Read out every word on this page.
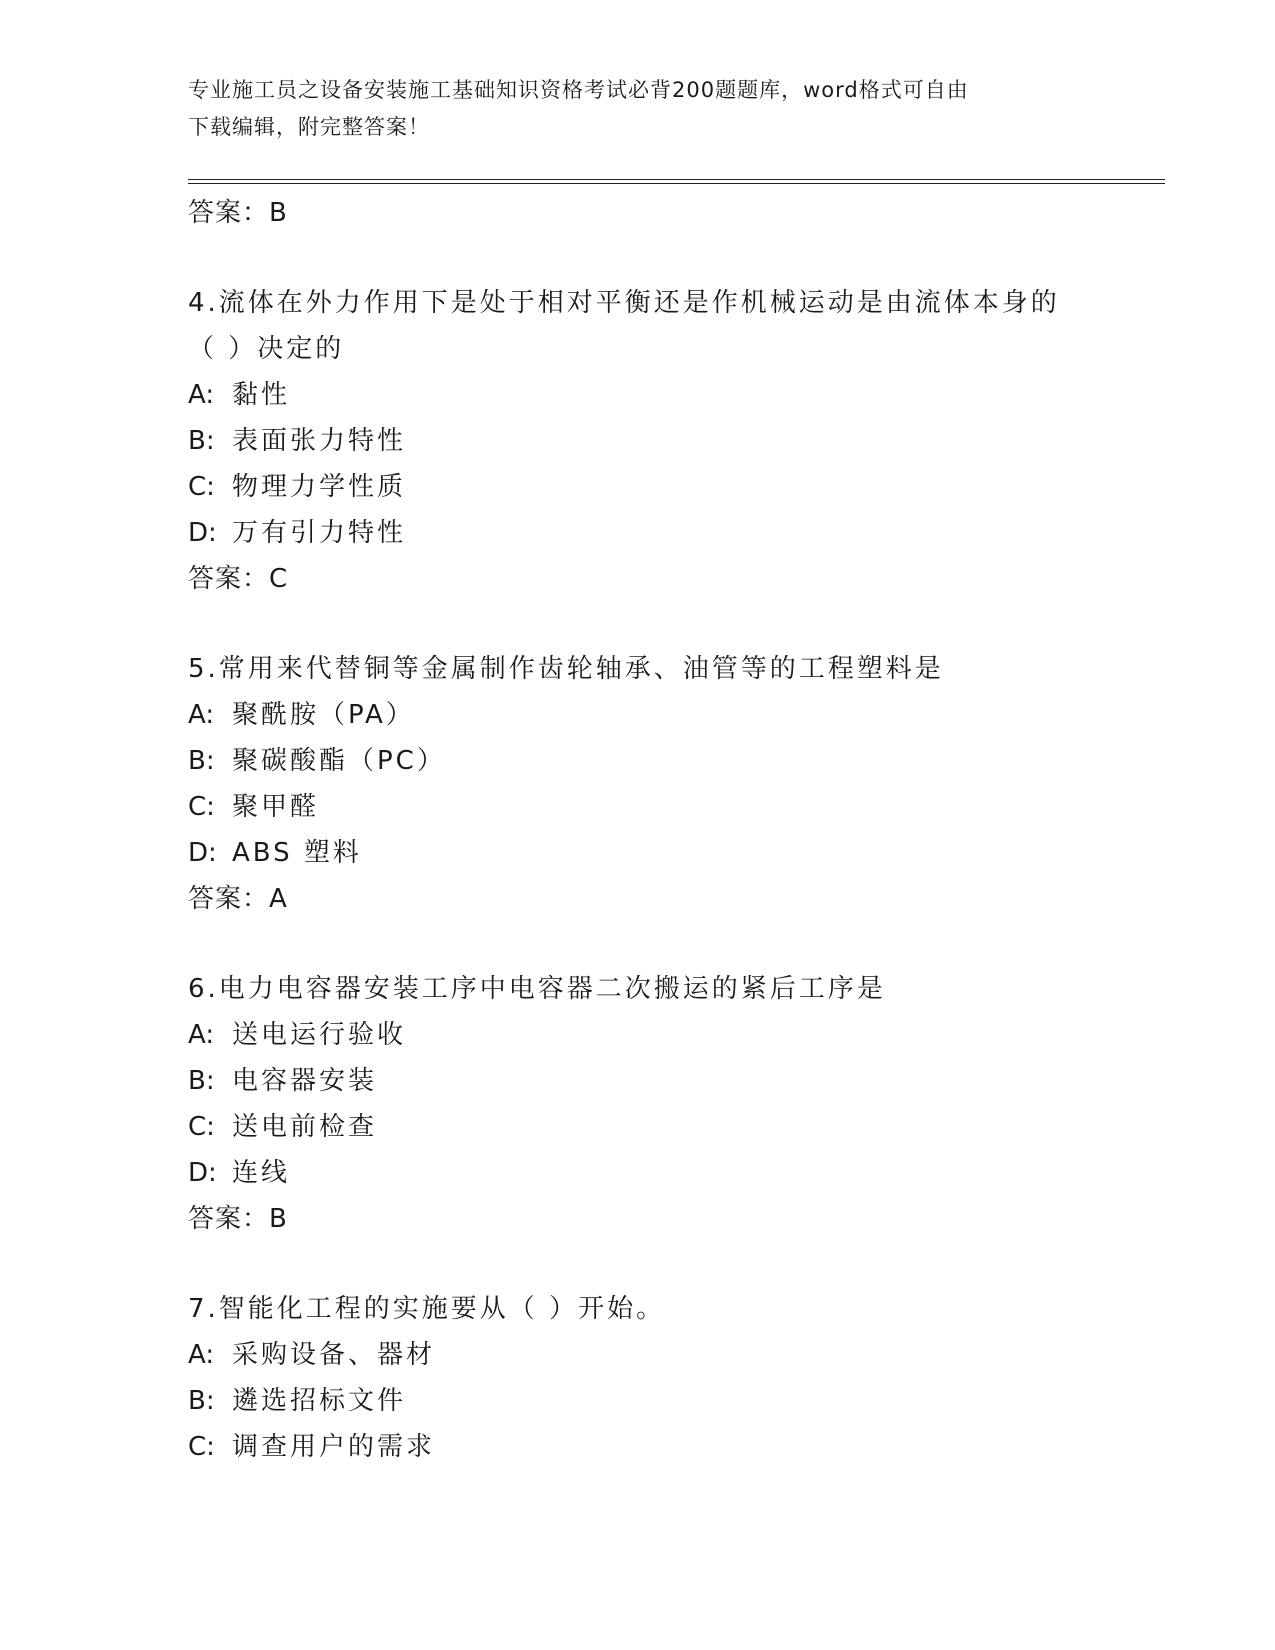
专业施工员之设备安装施工基础知识资格考试必背200题题库，word格式可自由
下载编辑，附完整答案！
答案：B
4.流体在外力作用下是处于相对平衡还是作机械运动是由流体本身的
（ ）决定的
A: 黏性
B: 表面张力特性
C: 物理力学性质
D: 万有引力特性
答案：C
5.常用来代替铜等金属制作齿轮轴承、油管等的工程塑料是
A: 聚酰胺（PA）
B: 聚碳酸酯（PC）
C: 聚甲醛
D: ABS 塑料
答案：A
6.电力电容器安装工序中电容器二次搬运的紧后工序是
A: 送电运行验收
B: 电容器安装
C: 送电前检查
D: 连线
答案：B
7.智能化工程的实施要从（ ）开始。
A: 采购设备、器材
B: 遴选招标文件
C: 调查用户的需求
